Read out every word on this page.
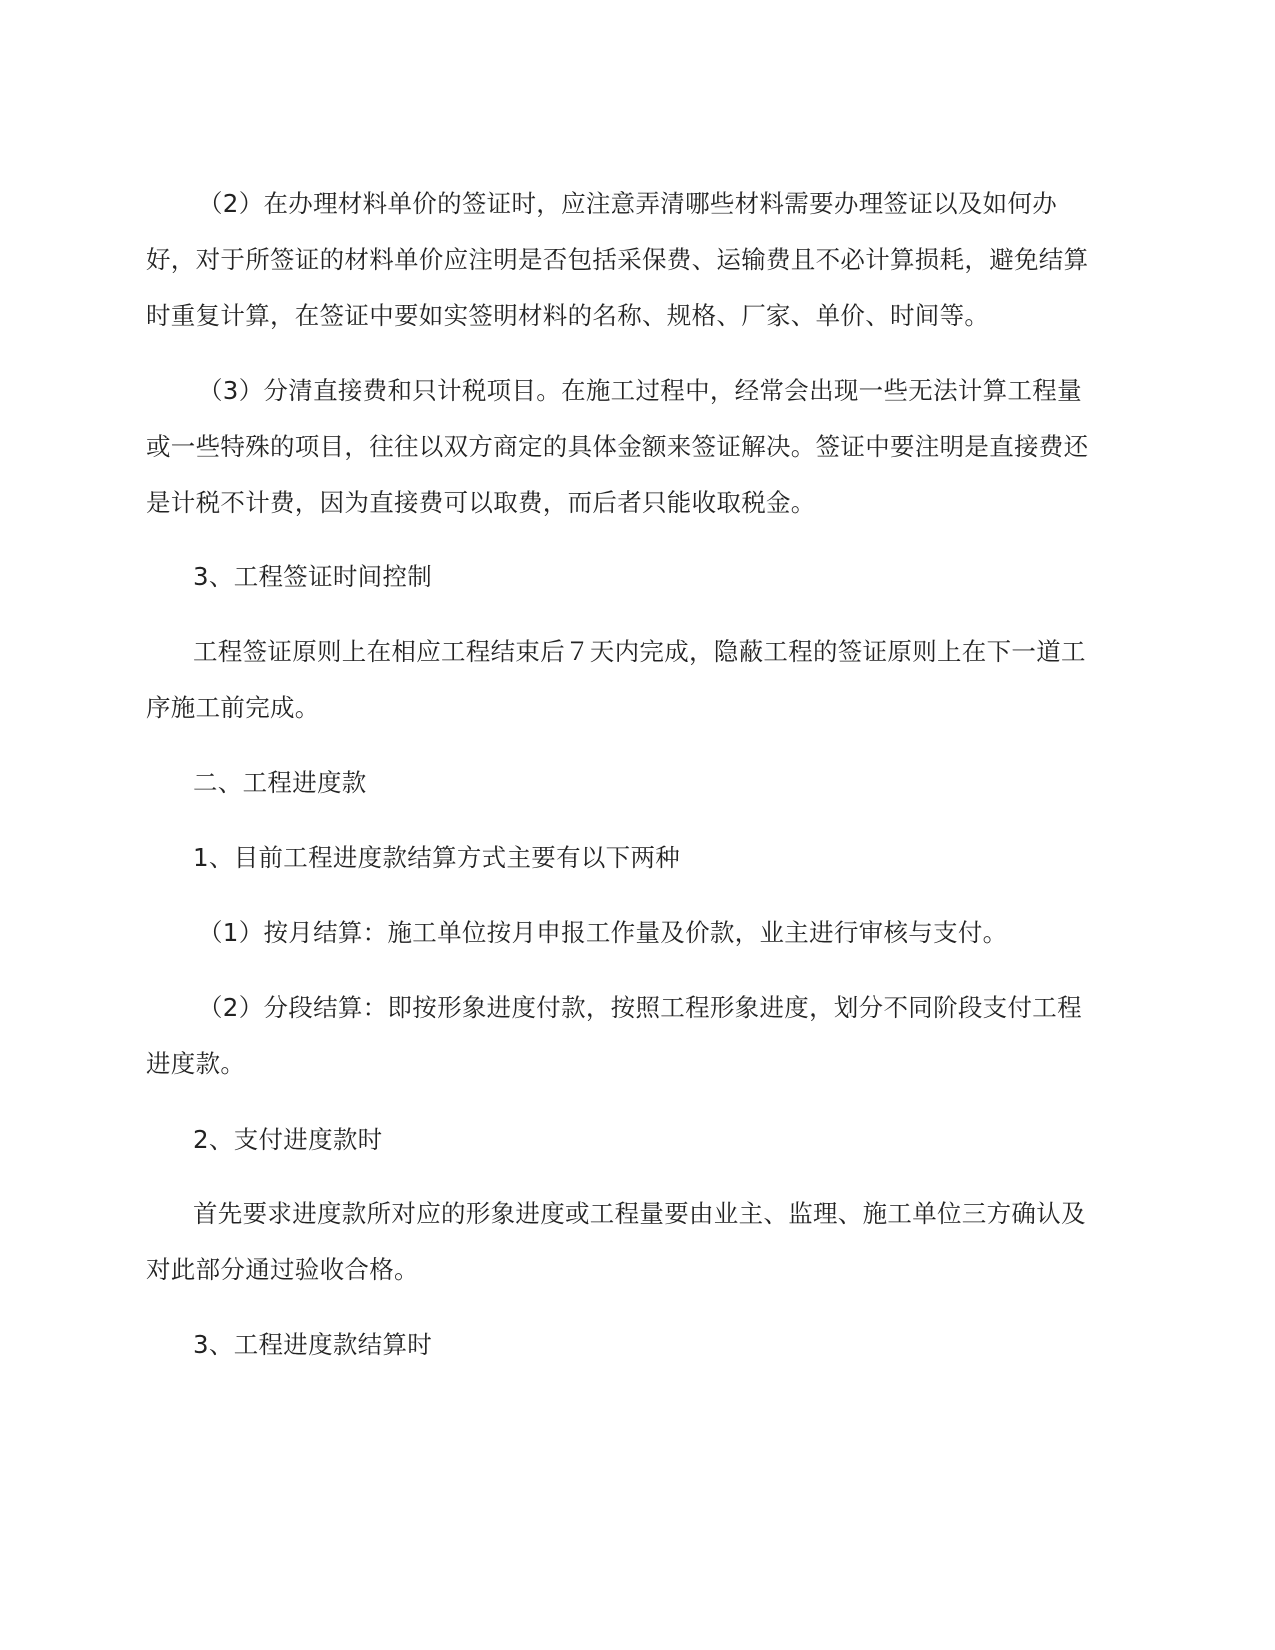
（2）在办理材料单价的签证时，应注意弄清哪些材料需要办理签证以及如何办好，对于所签证的材料单价应注明是否包括采保费、运输费且不必计算损耗，避免结算时重复计算，在签证中要如实签明材料的名称、规格、厂家、单价、时间等。

（3）分清直接费和只计税项目。在施工过程中，经常会出现一些无法计算工程量或一些特殊的项目，往往以双方商定的具体金额来签证解决。签证中要注明是直接费还是计税不计费，因为直接费可以取费，而后者只能收取税金。

3、工程签证时间控制

工程签证原则上在相应工程结束后７天内完成，隐蔽工程的签证原则上在下一道工序施工前完成。

二、工程进度款

1、目前工程进度款结算方式主要有以下两种

（1）按月结算：施工单位按月申报工作量及价款，业主进行审核与支付。

（2）分段结算：即按形象进度付款，按照工程形象进度，划分不同阶段支付工程进度款。

2、支付进度款时

首先要求进度款所对应的形象进度或工程量要由业主、监理、施工单位三方确认及对此部分通过验收合格。

3、工程进度款结算时
